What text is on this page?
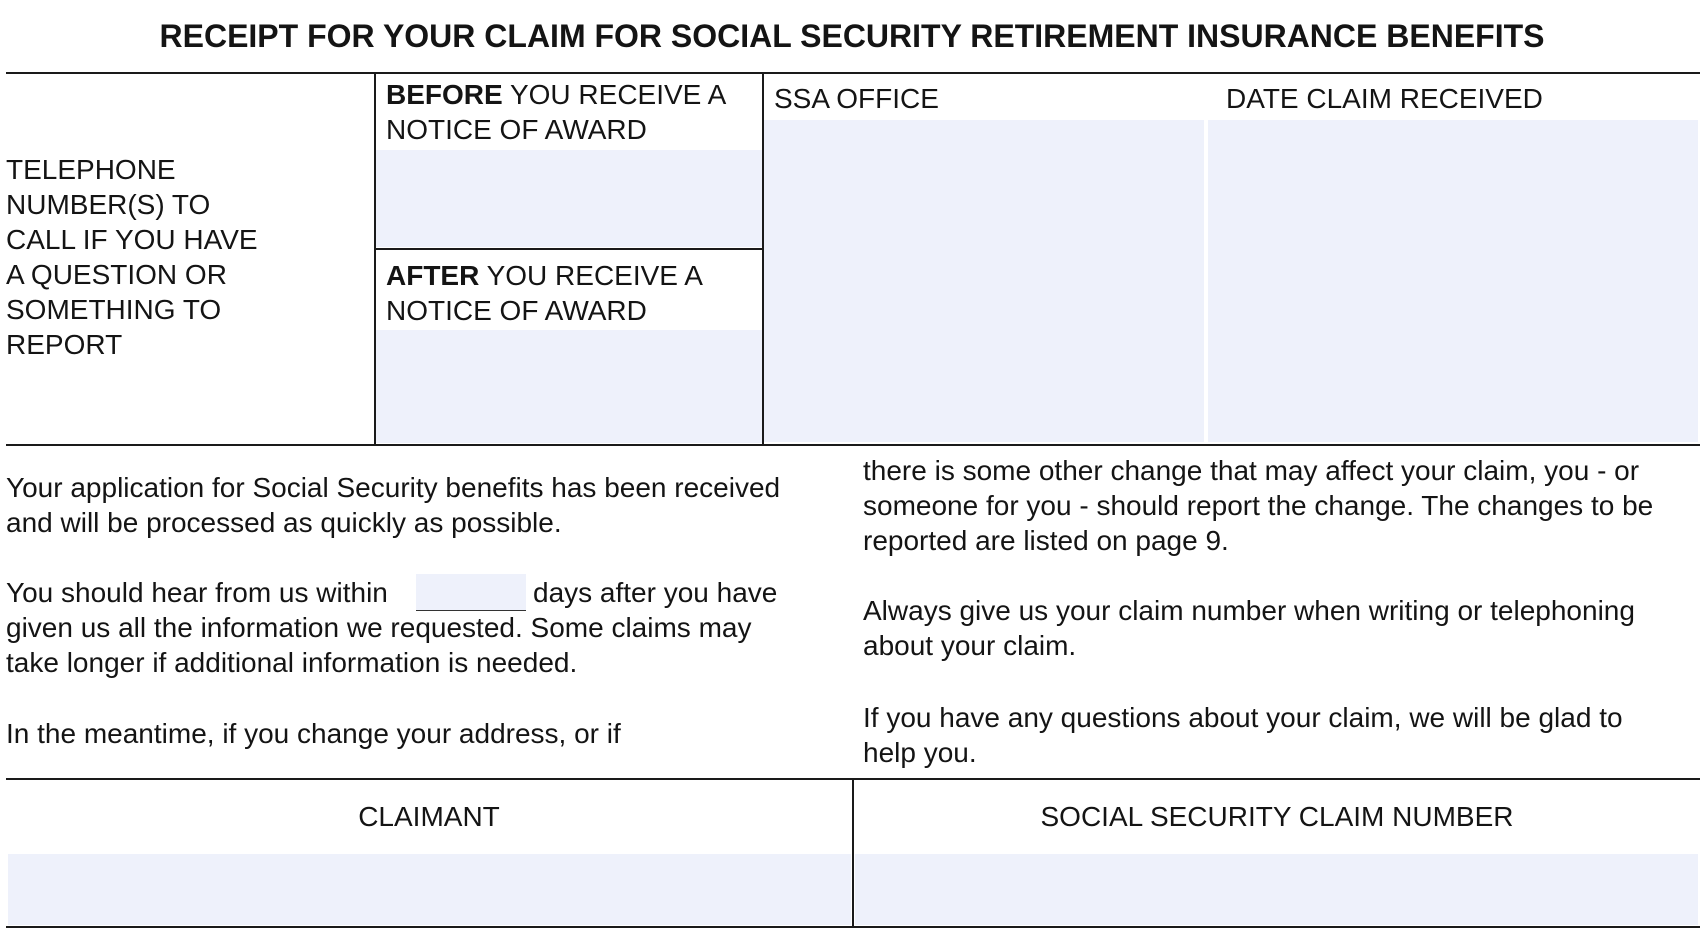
RECEIPT FOR YOUR CLAIM FOR SOCIAL SECURITY RETIREMENT INSURANCE BENEFITS
TELEPHONE
NUMBER(S) TO
CALL IF YOU HAVE
A QUESTION OR
SOMETHING TO
REPORT
BEFORE YOU RECEIVE A
NOTICE OF AWARD
AFTER YOU RECEIVE A
NOTICE OF AWARD
SSA OFFICE	DATE CLAIM RECEIVED
Your application for Social Security benefits has been received
and will be processed as quickly as possible.
You should hear from us within	days after you have
given us all the information we requested. Some claims may
take longer if additional information is needed.
In the meantime, if you change your address, or if
there is some other change that may affect your claim, you - or
someone for you - should report the change. The changes to be
reported are listed on page 9.
Always give us your claim number when writing or telephoning
about your claim.
If you have any questions about your claim, we will be glad to
help you.
CLAIMANT	SOCIAL SECURITY CLAIM NUMBER
